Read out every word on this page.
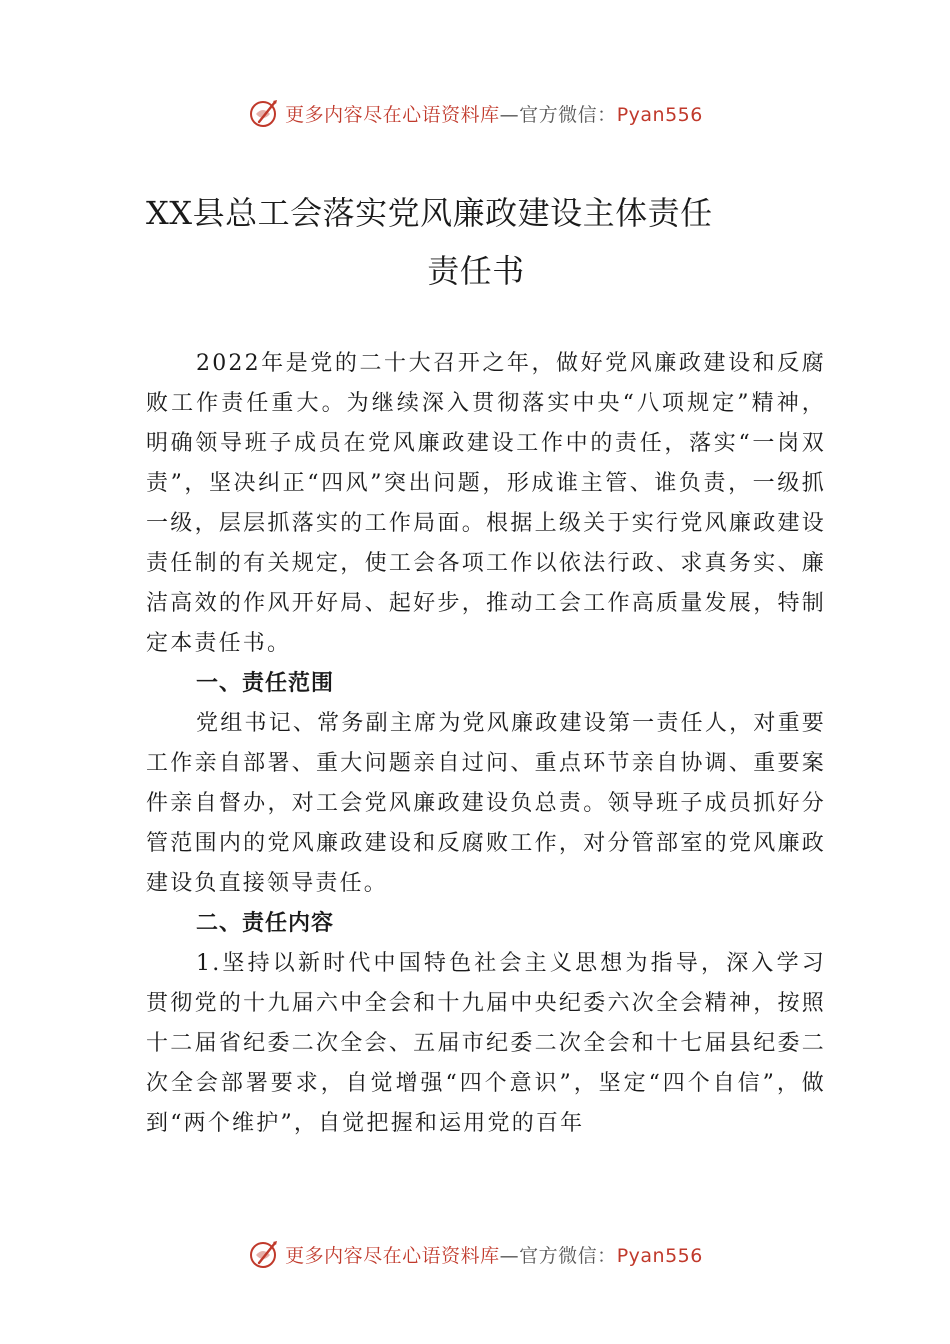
更多内容尽在心语资料库—官方微信：Pyan556
XX县总工会落实党风廉政建设主体责任
责任书

2022年是党的二十大召开之年，做好党风廉政建设和反腐败工作责任重大。为继续深入贯彻落实中央“八项规定”精神，明确领导班子成员在党风廉政建设工作中的责任，落实“一岗双责”，坚决纠正“四风”突出问题，形成谁主管、谁负责，一级抓一级，层层抓落实的工作局面。根据上级关于实行党风廉政建设责任制的有关规定，使工会各项工作以依法行政、求真务实、廉洁高效的作风开好局、起好步，推动工会工作高质量发展，特制定本责任书。

一、责任范围

党组书记、常务副主席为党风廉政建设第一责任人，对重要工作亲自部署、重大问题亲自过问、重点环节亲自协调、重要案件亲自督办，对工会党风廉政建设负总责。领导班子成员抓好分管范围内的党风廉政建设和反腐败工作，对分管部室的党风廉政建设负直接领导责任。

二、责任内容

1.坚持以新时代中国特色社会主义思想为指导，深入学习贯彻党的十九届六中全会和十九届中央纪委六次全会精神，按照十二届省纪委二次全会、五届市纪委二次全会和十七届县纪委二次全会部署要求，自觉增强“四个意识”，坚定“四个自信”，做到“两个维护”，自觉把握和运用党的百年

更多内容尽在心语资料库—官方微信：Pyan556
